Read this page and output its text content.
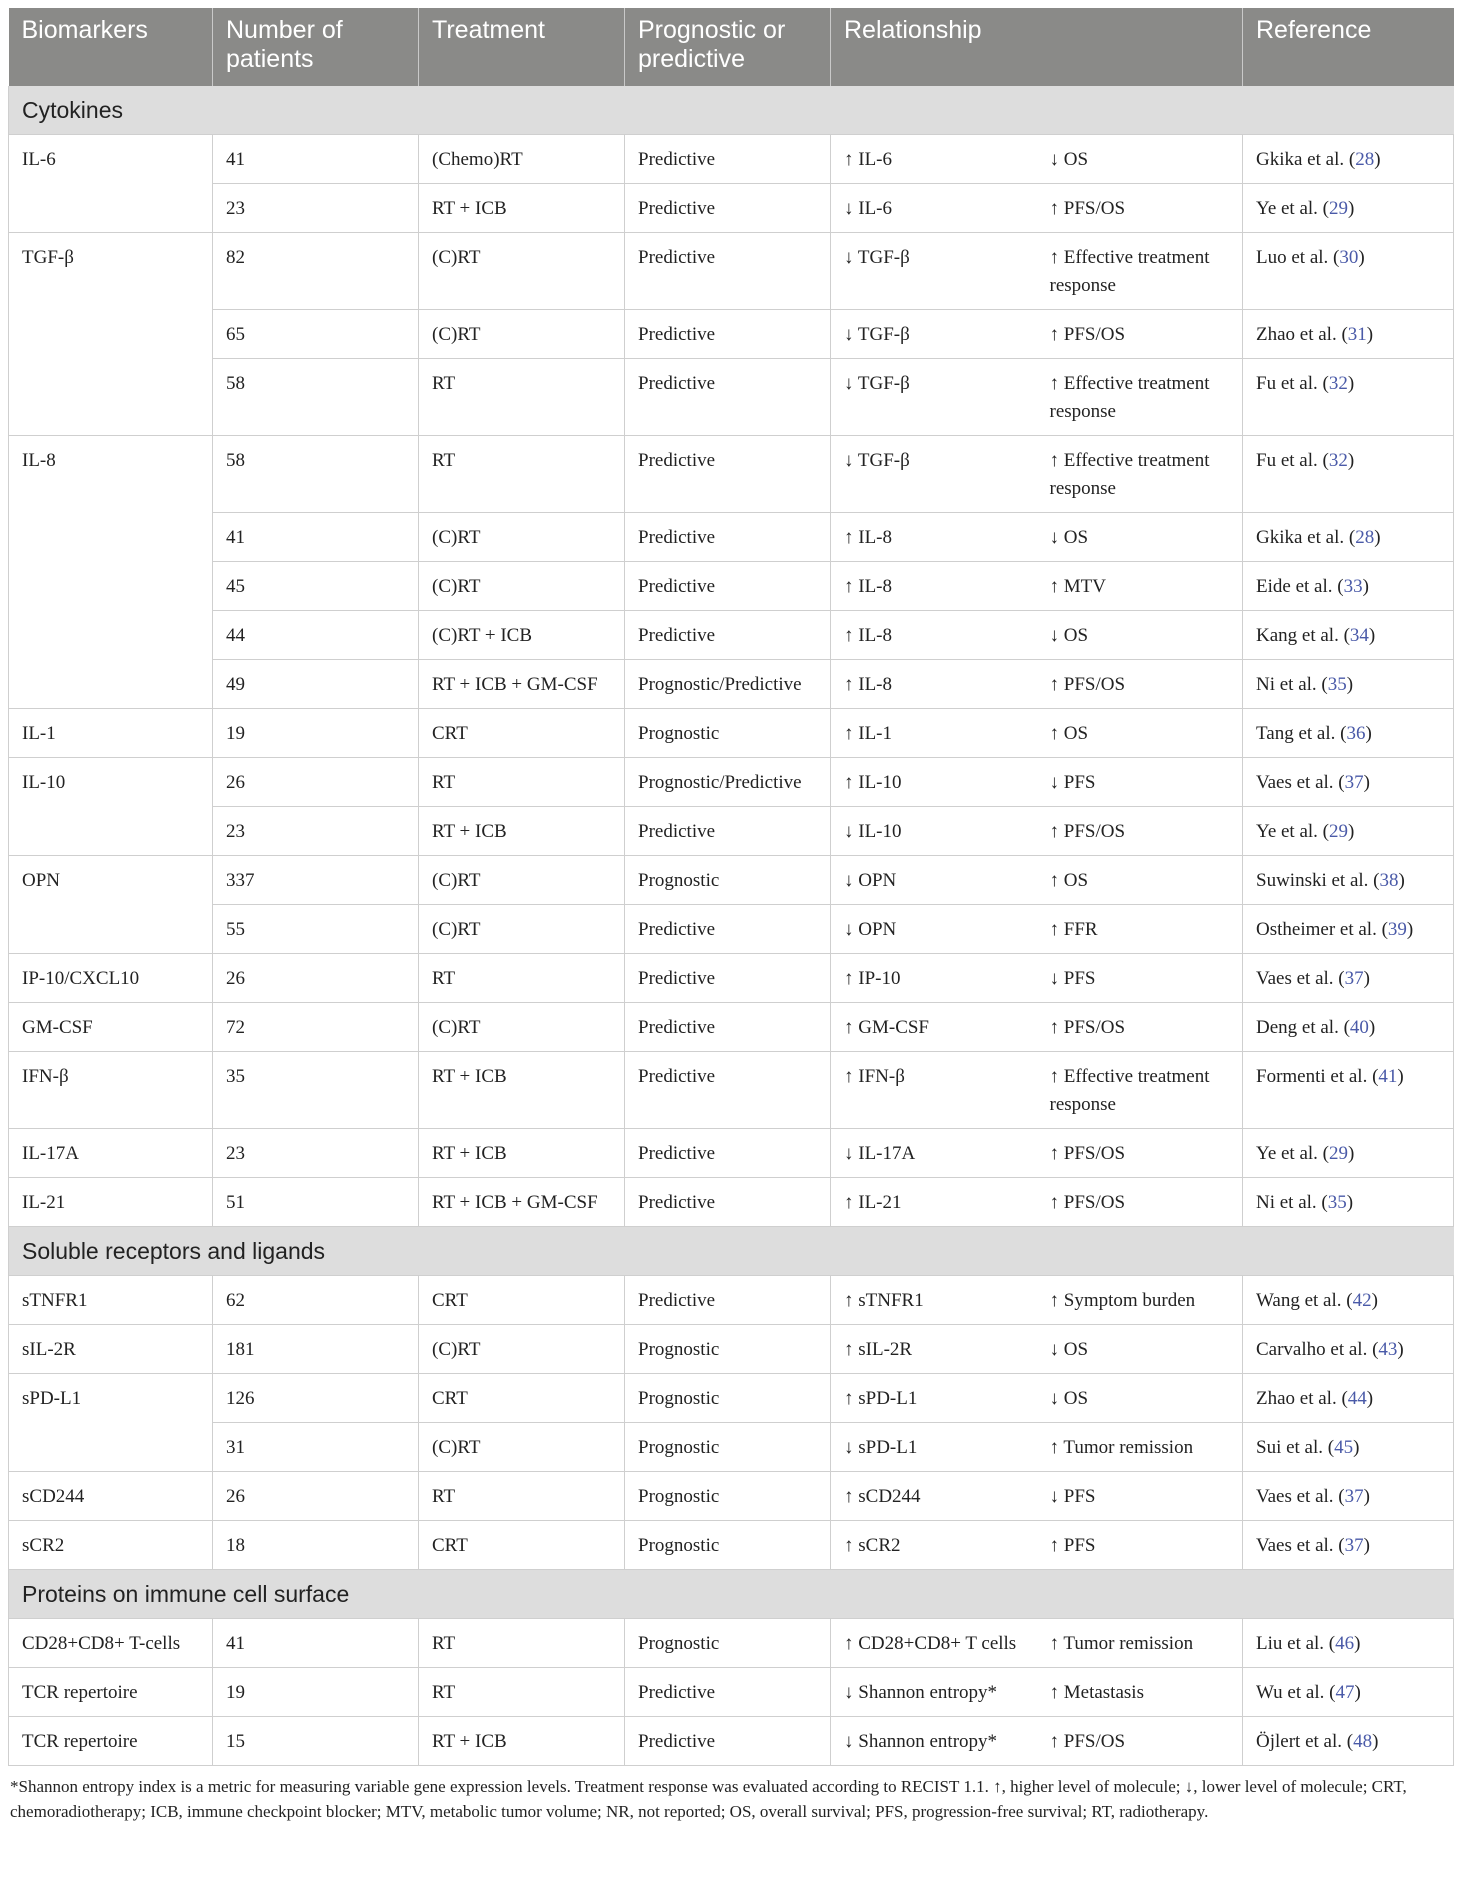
Biomarkers	Number of patients	Treatment	Prognostic or predictive	Relationship		Reference
Cytokines						
IL-6	41	(Chemo)RT	Predictive	↑ IL-6	↓ OS	Gkika et al. (28)
	23	RT + ICB	Predictive	↓ IL-6	↑ PFS/OS	Ye et al. (29)
TGF-β	82	(C)RT	Predictive	↓ TGF-β	↑ Effective treatment response	Luo et al. (30)
	65	(C)RT	Predictive	↓ TGF-β	↑ PFS/OS	Zhao et al. (31)
	58	RT	Predictive	↓ TGF-β	↑ Effective treatment response	Fu et al. (32)
IL-8	58	RT	Predictive	↓ TGF-β	↑ Effective treatment response	Fu et al. (32)
	41	(C)RT	Predictive	↑ IL-8	↓ OS	Gkika et al. (28)
	45	(C)RT	Predictive	↑ IL-8	↑ MTV	Eide et al. (33)
	44	(C)RT + ICB	Predictive	↑ IL-8	↓ OS	Kang et al. (34)
	49	RT + ICB + GM-CSF	Prognostic/Predictive	↑ IL-8	↑ PFS/OS	Ni et al. (35)
IL-1	19	CRT	Prognostic	↑ IL-1	↑ OS	Tang et al. (36)
IL-10	26	RT	Prognostic/Predictive	↑ IL-10	↓ PFS	Vaes et al. (37)
	23	RT + ICB	Predictive	↓ IL-10	↑ PFS/OS	Ye et al. (29)
OPN	337	(C)RT	Prognostic	↓ OPN	↑ OS	Suwinski et al. (38)
	55	(C)RT	Predictive	↓ OPN	↑ FFR	Ostheimer et al. (39)
IP-10/CXCL10	26	RT	Predictive	↑ IP-10	↓ PFS	Vaes et al. (37)
GM-CSF	72	(C)RT	Predictive	↑ GM-CSF	↑ PFS/OS	Deng et al. (40)
IFN-β	35	RT + ICB	Predictive	↑ IFN-β	↑ Effective treatment response	Formenti et al. (41)
IL-17A	23	RT + ICB	Predictive	↓ IL-17A	↑ PFS/OS	Ye et al. (29)
IL-21	51	RT + ICB + GM-CSF	Predictive	↑ IL-21	↑ PFS/OS	Ni et al. (35)
Soluble receptors and ligands						
sTNFR1	62	CRT	Predictive	↑ sTNFR1	↑ Symptom burden	Wang et al. (42)
sIL-2R	181	(C)RT	Prognostic	↑ sIL-2R	↓ OS	Carvalho et al. (43)
sPD-L1	126	CRT	Prognostic	↑ sPD-L1	↓ OS	Zhao et al. (44)
	31	(C)RT	Prognostic	↓ sPD-L1	↑ Tumor remission	Sui et al. (45)
sCD244	26	RT	Prognostic	↑ sCD244	↓ PFS	Vaes et al. (37)
sCR2	18	CRT	Prognostic	↑ sCR2	↑ PFS	Vaes et al. (37)
Proteins on immune cell surface						
CD28+CD8+ T-cells	41	RT	Prognostic	↑ CD28+CD8+ T cells	↑ Tumor remission	Liu et al. (46)
TCR repertoire	19	RT	Predictive	↓ Shannon entropy*	↑ Metastasis	Wu et al. (47)
TCR repertoire	15	RT + ICB	Predictive	↓ Shannon entropy*	↑ PFS/OS	Öjlert et al. (48)
*Shannon entropy index is a metric for measuring variable gene expression levels. Treatment response was evaluated according to RECIST 1.1. ↑, higher level of molecule; ↓, lower level of molecule; CRT, chemoradiotherapy; ICB, immune checkpoint blocker; MTV, metabolic tumor volume; NR, not reported; OS, overall survival; PFS, progression-free survival; RT, radiotherapy.
